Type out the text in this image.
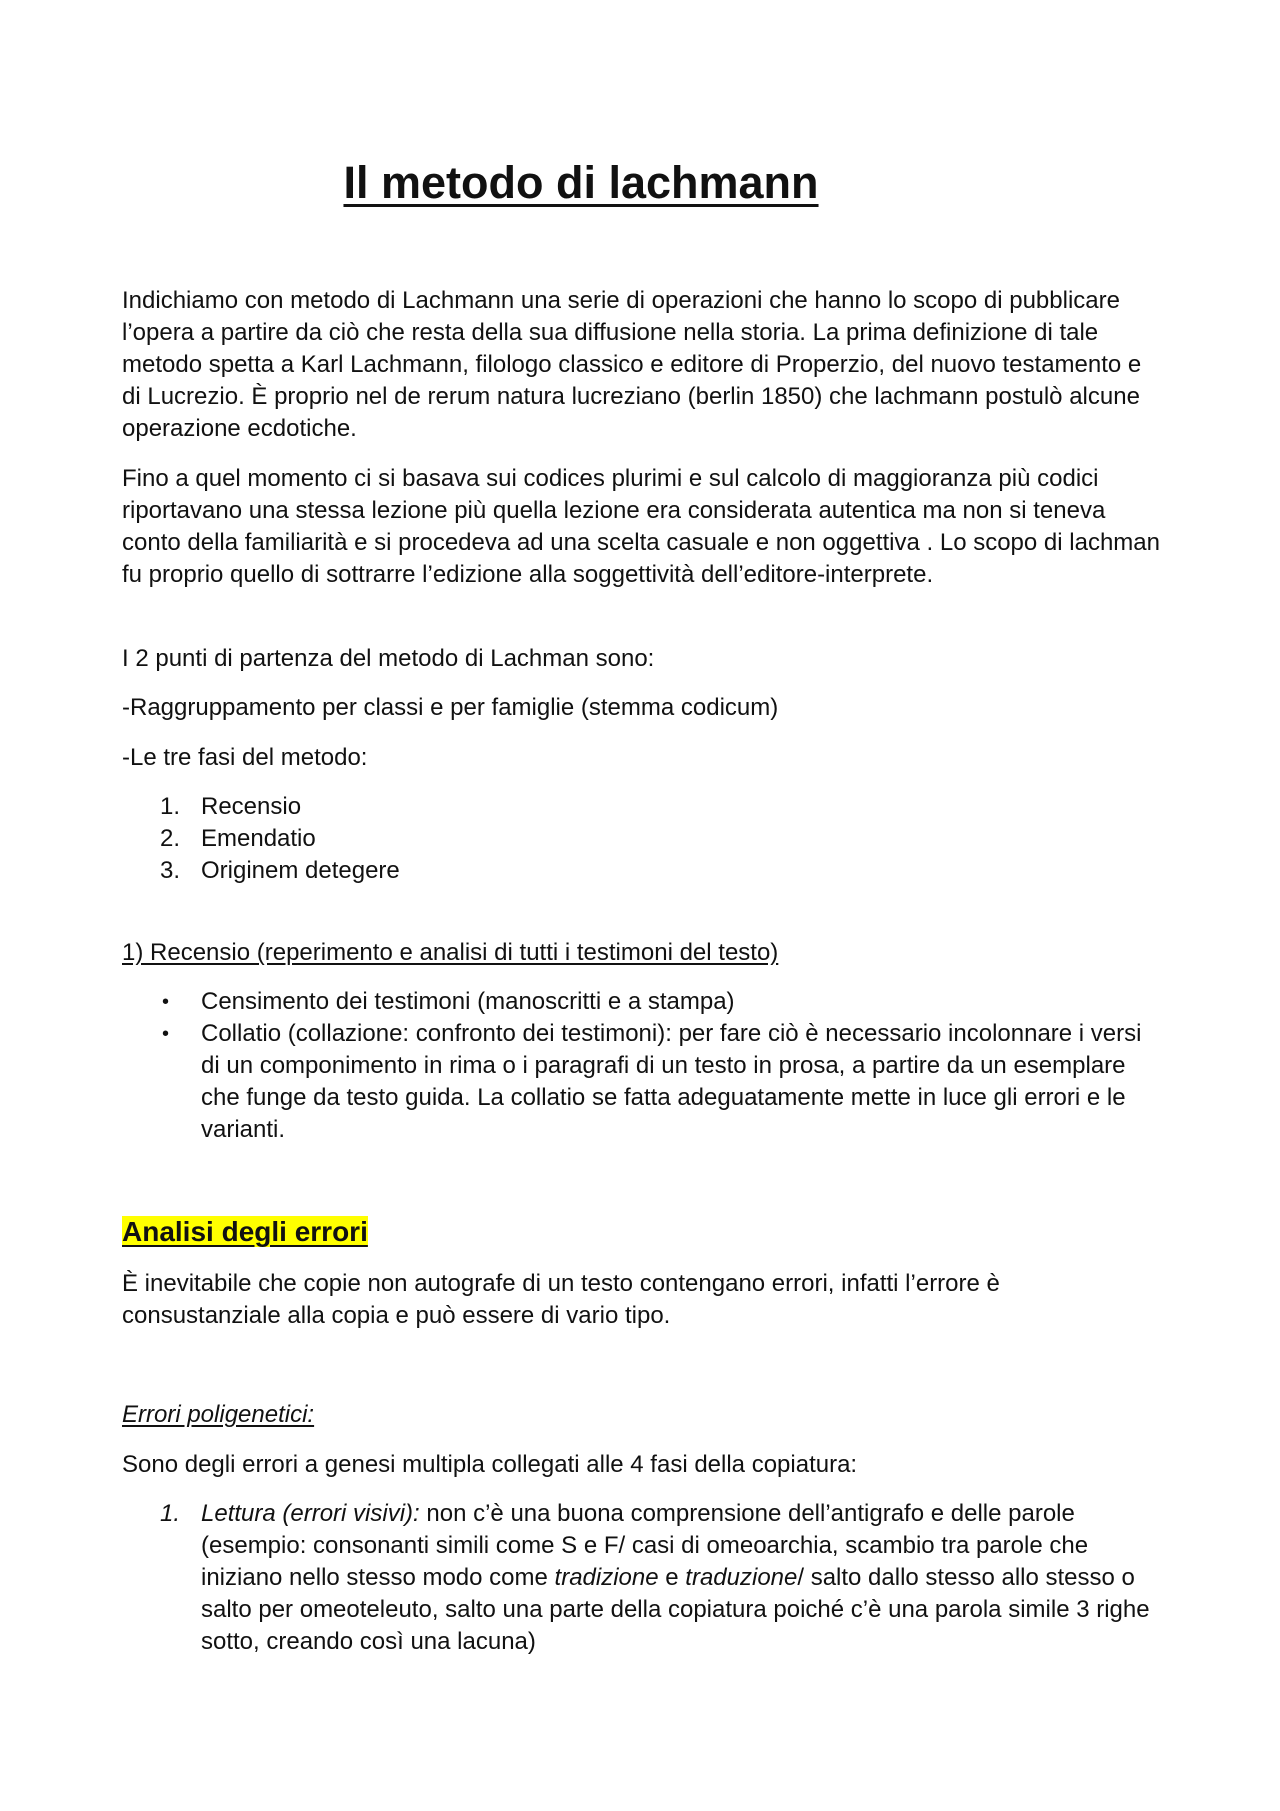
Il metodo di lachmann

Indichiamo con metodo di Lachmann una serie di operazioni che hanno lo scopo di pubblicare l’opera a partire da ciò che resta della sua diffusione nella storia. La prima definizione di tale metodo spetta a Karl Lachmann, filologo classico e editore di Properzio, del nuovo testamento e di Lucrezio. È proprio nel de rerum natura lucreziano (berlin 1850) che lachmann postulò alcune operazione ecdotiche.

Fino a quel momento ci si basava sui codices plurimi e sul calcolo di maggioranza più codici riportavano una stessa lezione più quella lezione era considerata autentica ma non si teneva conto della familiarità e si procedeva ad una scelta casuale e non oggettiva . Lo scopo di lachman fu proprio quello di sottrarre l’edizione alla soggettività dell’editore-interprete.

I 2 punti di partenza del metodo di Lachman sono:

-Raggruppamento per classi e per famiglie (stemma codicum)

-Le tre fasi del metodo:

1. Recensio
2. Emendatio
3. Originem detegere

1) Recensio (reperimento e analisi di tutti i testimoni del testo)

• Censimento dei testimoni (manoscritti e a stampa)
• Collatio (collazione: confronto dei testimoni): per fare ciò è necessario incolonnare i versi di un componimento in rima o i paragrafi di un testo in prosa, a partire da un esemplare che funge da testo guida. La collatio se fatta adeguatamente mette in luce gli errori e le varianti.
Analisi degli errori

È inevitabile che copie non autografe di un testo contengano errori, infatti l’errore è consustanziale alla copia e può essere di vario tipo.

Errori poligenetici:

Sono degli errori a genesi multipla collegati alle 4 fasi della copiatura:

1. Lettura (errori visivi): non c’è una buona comprensione dell’antigrafo e delle parole (esempio: consonanti simili come S e F/ casi di omeoarchia, scambio tra parole che iniziano nello stesso modo come tradizione e traduzione/ salto dallo stesso allo stesso o salto per omeoteleuto, salto una parte della copiatura poiché c’è una parola simile 3 righe sotto, creando così una lacuna)
